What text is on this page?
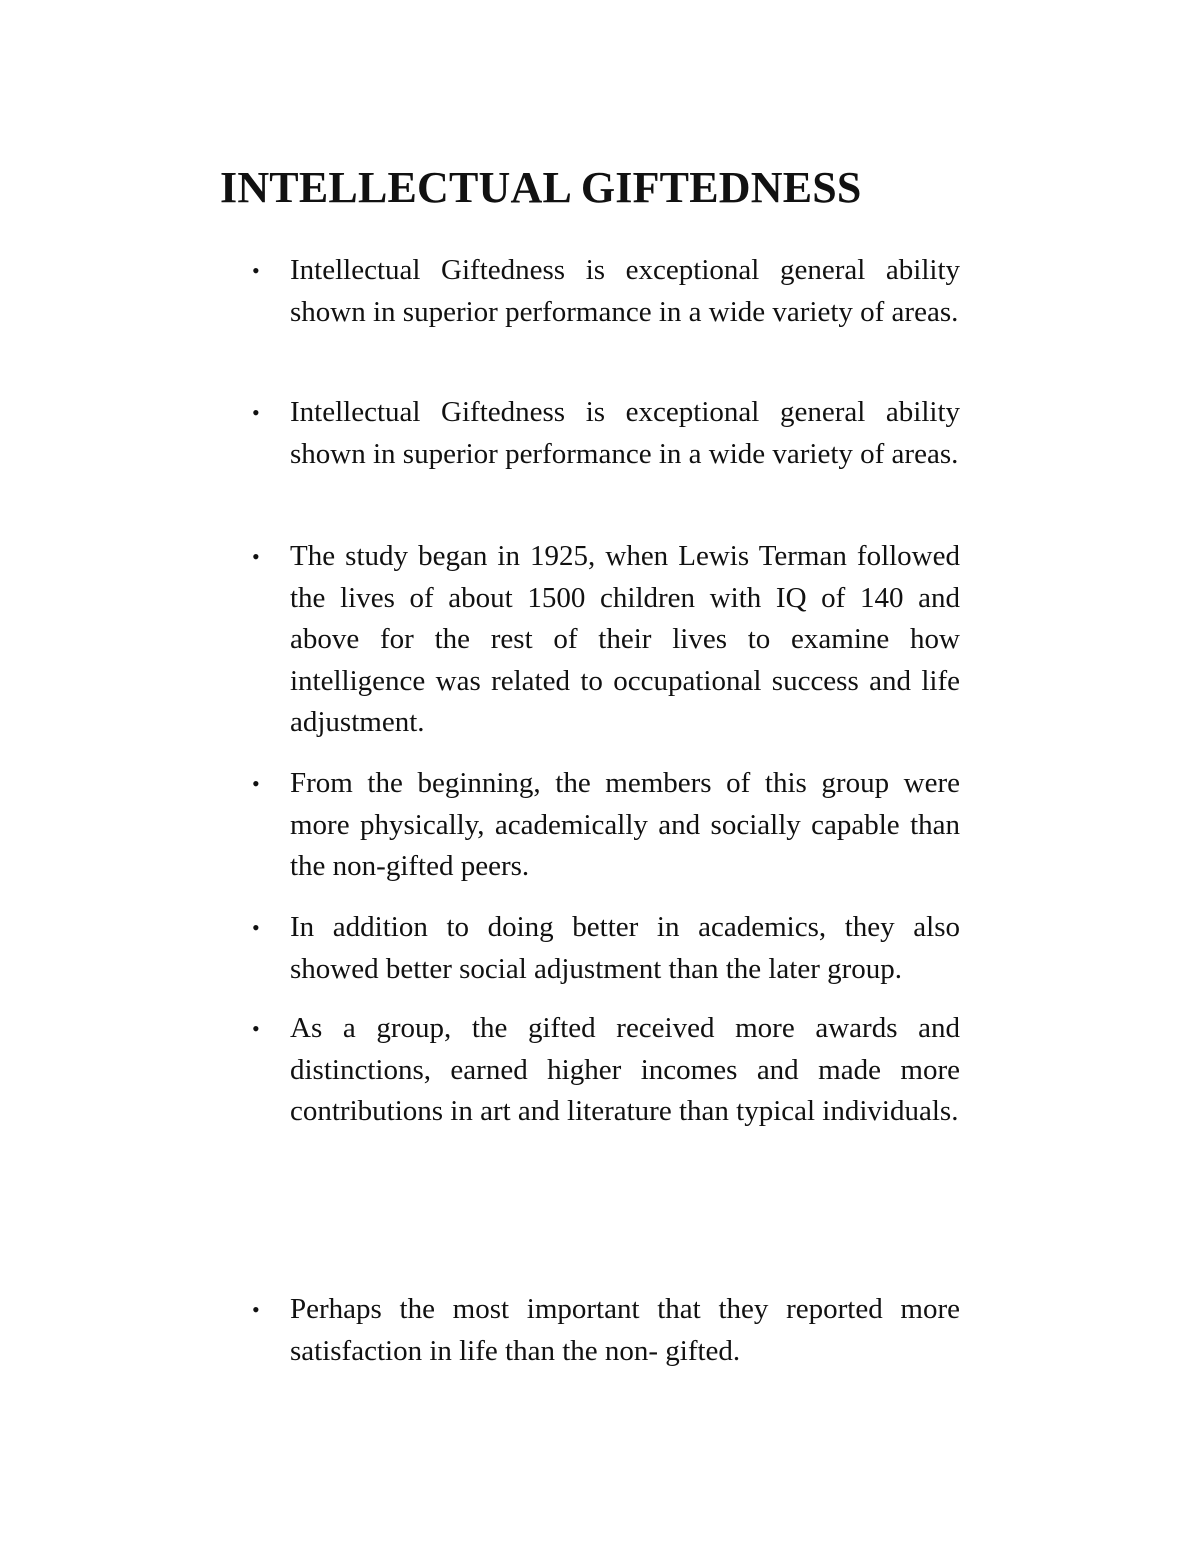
INTELLECTUAL GIFTEDNESS
•	Intellectual Giftedness is exceptional general ability shown in superior performance in a wide variety of areas.
•	Intellectual Giftedness is exceptional general ability shown in superior performance in a wide variety of areas.
•	The study began in 1925, when Lewis Terman followed the lives of about 1500 children with IQ of 140 and above for the rest of their lives to examine how intelligence was related to occupational success and life adjustment.
•	From the beginning, the members of this group were more physically, academically and socially capable than the non-gifted peers.
•	In addition to doing better in academics, they also showed better social adjustment than the later group.
•	As a group, the gifted received more awards and distinctions, earned higher incomes and made more contributions in art and literature than typical individuals.
•	Perhaps the most important that they reported more satisfaction in life than the non- gifted.
